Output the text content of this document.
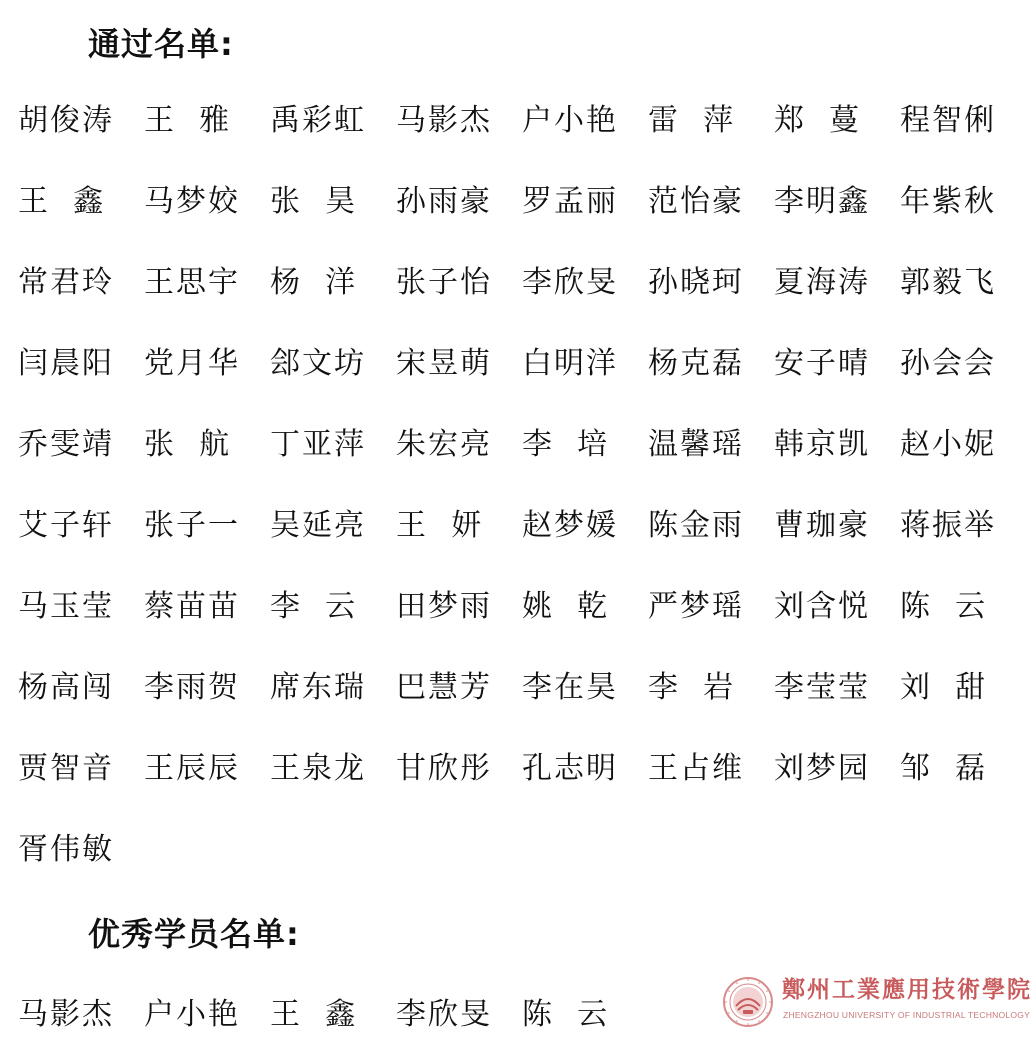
通过名单:
胡俊涛	王  雅	禹彩虹	马影杰	户小艳	雷  萍	郑  蔓	程智俐
王  鑫	马梦姣	张  昊	孙雨豪	罗孟丽	范怡豪	李明鑫	年紫秋
常君玲	王思宇	杨  洋	张子怡	李欣旻	孙晓珂	夏海涛	郭毅飞
闫晨阳	党月华	郐文坊	宋昱萌	白明洋	杨克磊	安子晴	孙会会
乔雯靖	张  航	丁亚萍	朱宏亮	李  培	温馨瑶	韩京凯	赵小妮
艾子轩	张子一	吴延亮	王  妍	赵梦媛	陈金雨	曹珈豪	蒋振举
马玉莹	蔡苗苗	李  云	田梦雨	姚  乾	严梦瑶	刘含悦	陈  云
杨高闯	李雨贺	席东瑞	巴慧芳	李在昊	李  岩	李莹莹	刘  甜
贾智音	王辰辰	王泉龙	甘欣彤	孔志明	王占维	刘梦园	邹  磊
胥伟敏
优秀学员名单:
马影杰	户小艳	王  鑫	李欣旻	陈  云
鄭州工業應用技術學院
ZHENGZHOU UNIVERSITY OF INDUSTRIAL TECHNOLOGY
